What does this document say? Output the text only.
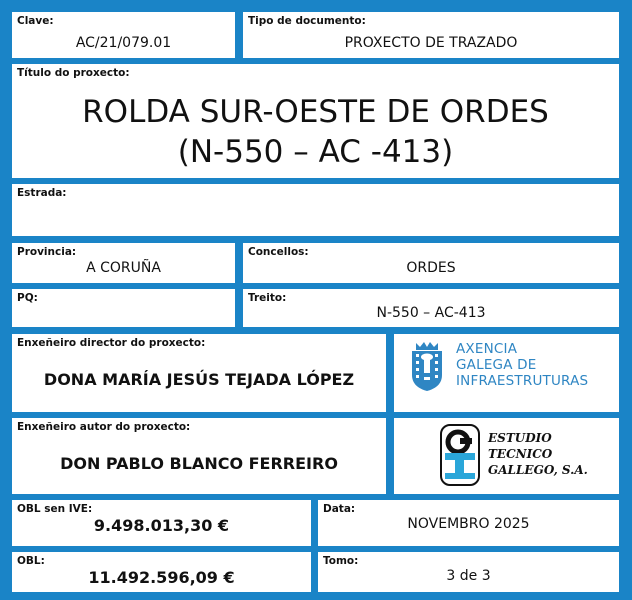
Clave:
AC/21/079.01
Tipo de documento:
PROXECTO DE TRAZADO
Título do proxecto:
ROLDA SUR-OESTE DE ORDES
(N-550 – AC -413)
Estrada:
Provincia:
A CORUÑA
Concellos:
ORDES
PQ:	Treito:
N-550 – AC-413
Enxeñeiro director do proxecto:
DONA MARÍA JESÚS TEJADA LÓPEZ
AXENCIA
GALEGA DE
INFRAESTRUTURAS
Enxeñeiro autor do proxecto:
DON PABLO BLANCO FERREIRO
ESTUDIO
TECNICO
GALLEGO, S.A.
OBL sen IVE:
9.498.013,30 €
Data:
NOVEMBRO 2025
OBL:
11.492.596,09 €
Tomo:
3 de 3
